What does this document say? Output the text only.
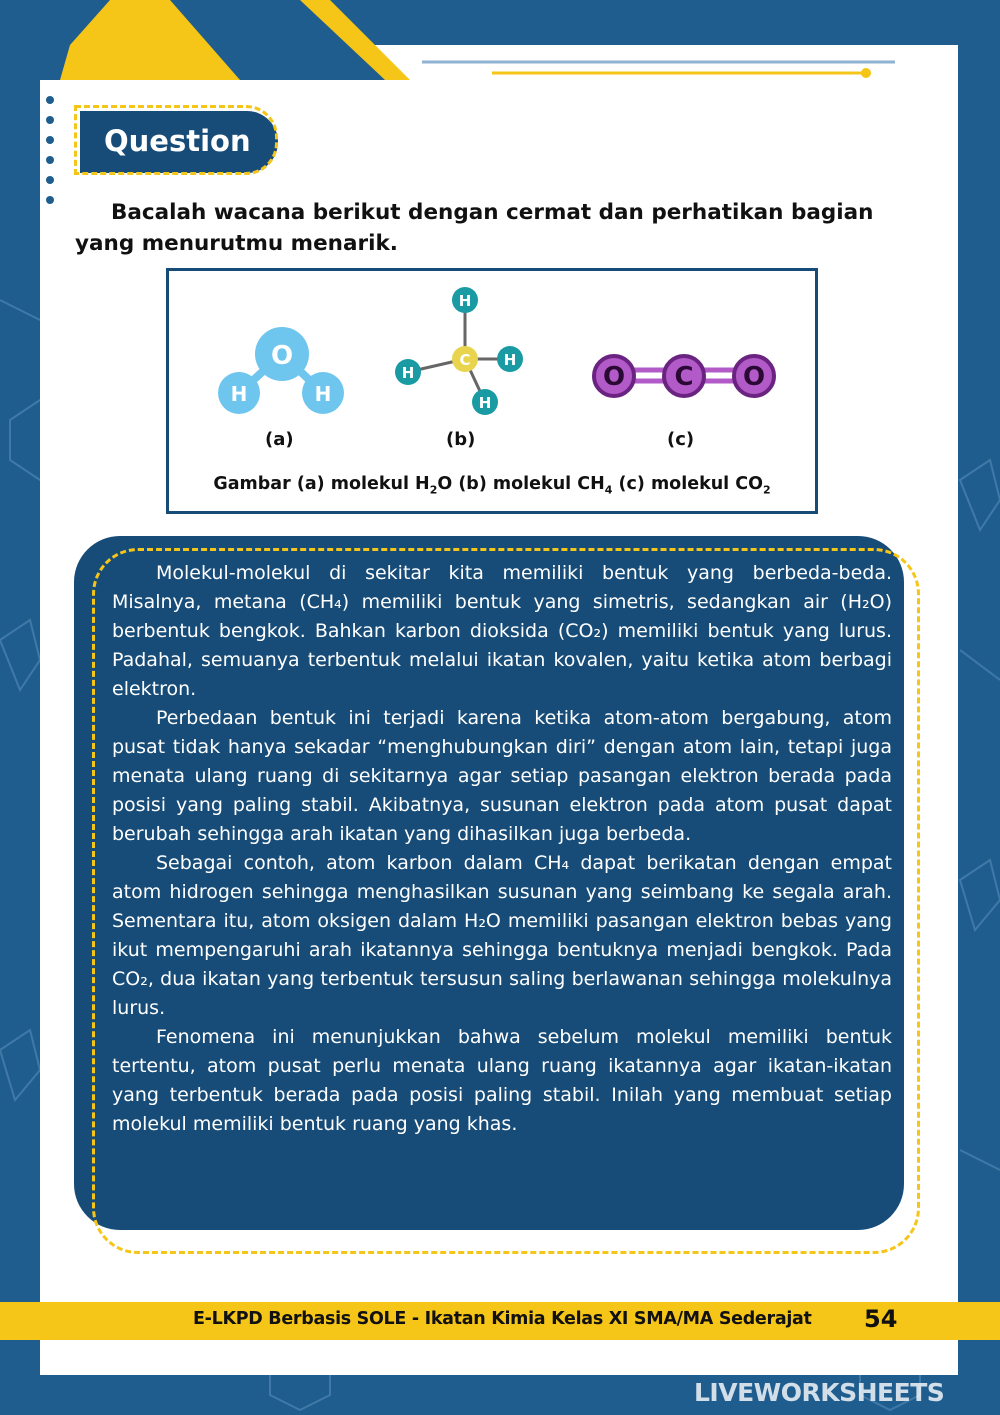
Question

Bacalah wacana berikut dengan cermat dan perhatikan bagian yang menurutmu menarik.

O
H	H
C
H
H
H
H
O C O
(a)	(b)	(c)
Gambar (a) molekul $H_2O$ (b) molekul $CH_4$ (c) molekul $CO_2$

Molekul-molekul di sekitar kita memiliki bentuk yang berbeda-beda. Misalnya, metana (CH₄) memiliki bentuk yang simetris, sedangkan air (H₂O) berbentuk bengkok. Bahkan karbon dioksida (CO₂) memiliki bentuk yang lurus. Padahal, semuanya terbentuk melalui ikatan kovalen, yaitu ketika atom berbagi elektron.

Perbedaan bentuk ini terjadi karena ketika atom-atom bergabung, atom pusat tidak hanya sekadar “menghubungkan diri” dengan atom lain, tetapi juga menata ulang ruang di sekitarnya agar setiap pasangan elektron berada pada posisi yang paling stabil. Akibatnya, susunan elektron pada atom pusat dapat berubah sehingga arah ikatan yang dihasilkan juga berbeda.

Sebagai contoh, atom karbon dalam CH₄ dapat berikatan dengan empat atom hidrogen sehingga menghasilkan susunan yang seimbang ke segala arah. Sementara itu, atom oksigen dalam H₂O memiliki pasangan elektron bebas yang ikut mempengaruhi arah ikatannya sehingga bentuknya menjadi bengkok. Pada CO₂, dua ikatan yang terbentuk tersusun saling berlawanan sehingga molekulnya lurus.

Fenomena ini menunjukkan bahwa sebelum molekul memiliki bentuk tertentu, atom pusat perlu menata ulang ruang ikatannya agar ikatan-ikatan yang terbentuk berada pada posisi paling stabil. Inilah yang membuat setiap molekul memiliki bentuk ruang yang khas.

E-LKPD Berbasis SOLE - Ikatan Kimia Kelas XI SMA/MA Sederajat 54
LIVEWORKSHEETS
